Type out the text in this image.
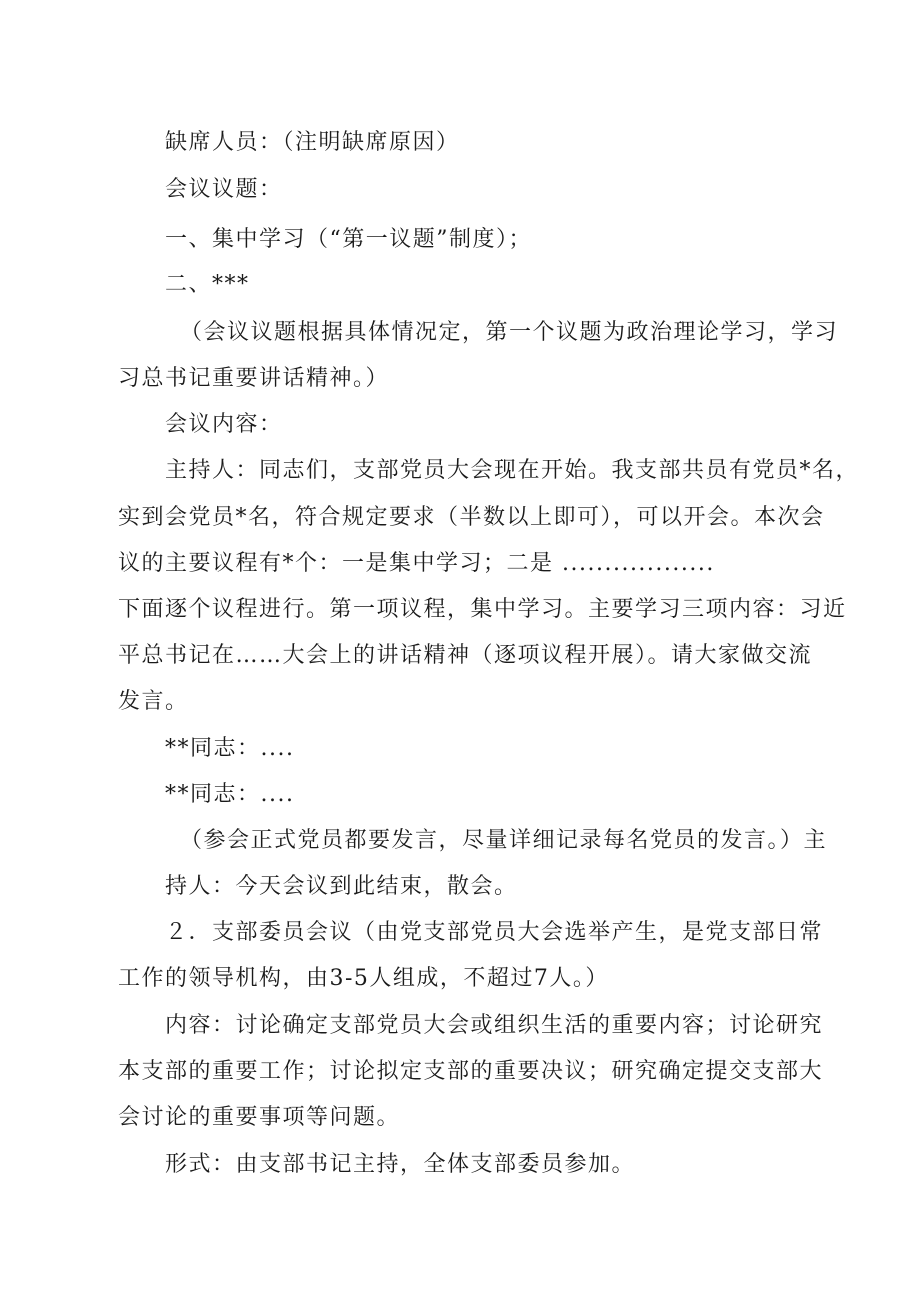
缺席人员：（注明缺席原因）
会议议题：
一、集中学习（“第一议题”制度）；
二、***
（会议议题根据具体情况定，第一个议题为政治理论学习，学习
习总书记重要讲话精神。）
会议内容：
主持人：同志们，支部党员大会现在开始。我支部共员有党员*名，
实到会党员*名，符合规定要求（半数以上即可），可以开会。本次会
议的主要议程有*个：一是集中学习；二是 ..................
下面逐个议程进行。第一项议程，集中学习。主要学习三项内容：习近
平总书记在……大会上的讲话精神（逐项议程开展）。请大家做交流
发言。
**同志：....
**同志：....
（参会正式党员都要发言，尽量详细记录每名党员的发言。）主
持人：今天会议到此结束，散会。
２．支部委员会议（由党支部党员大会选举产生，是党支部日常
工作的领导机构，由3-5人组成，不超过7人。）
内容：讨论确定支部党员大会或组织生活的重要内容；讨论研究
本支部的重要工作；讨论拟定支部的重要决议；研究确定提交支部大
会讨论的重要事项等问题。
形式：由支部书记主持，全体支部委员参加。
